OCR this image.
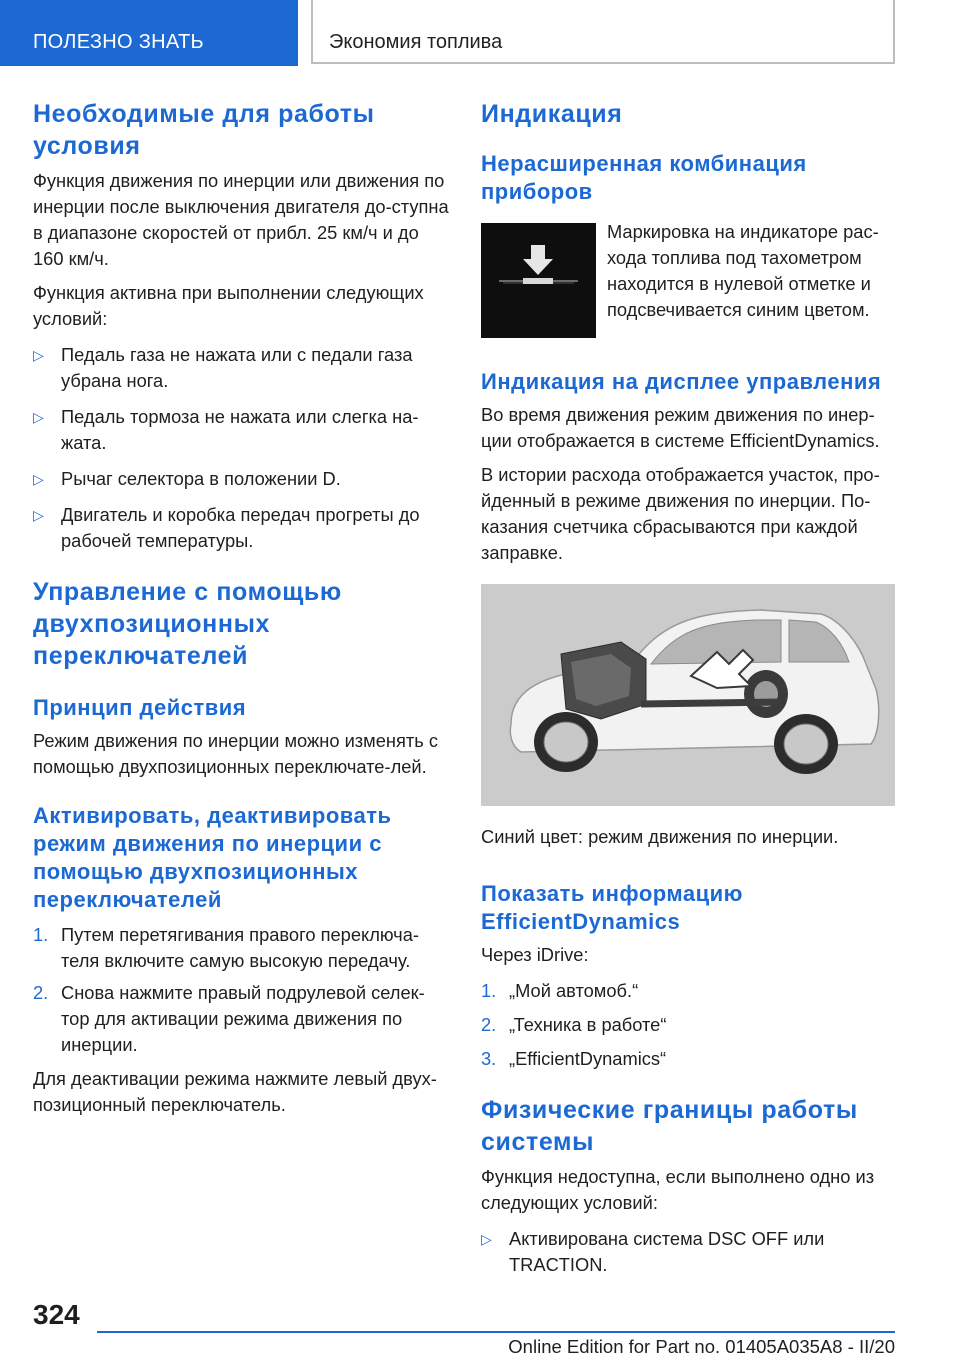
ПОЛЕЗНО ЗНАТЬ	Экономия топлива
Необходимые для работы условия

Функция движения по инерции или движения по инерции после выключения двигателя до-ступна в диапазоне скоростей от прибл. 25 км/ч и до 160 км/ч.

Функция активна при выполнении следующих условий:

▷ Педаль газа не нажата или с педали газа убрана нога.
▷ Педаль тормоза не нажата или слегка на-жата.
▷ Рычаг селектора в положении D.
▷ Двигатель и коробка передач прогреты до рабочей температуры.
Управление с помощью двухпозиционных переключателей
Принцип действия

Режим движения по инерции можно изменять с помощью двухпозиционных переключате-лей.

Активировать, деактивировать режим движения по инерции с помощью двухпозиционных переключателей
1. Путем перетягивания правого переключа-теля включите самую высокую передачу.
2. Снова нажмите правый подрулевой селек-тор для активации режима движения по инерции.

Для деактивации режима нажмите левый двух-позиционный переключатель.

Индикация
Нерасширенная комбинация приборов

Маркировка на индикаторе рас-хода топлива под тахометром находится в нулевой отметке и подсвечивается синим цветом.

Индикация на дисплее управления

Во время движения режим движения по инер-ции отображается в системе EfficientDynamics.

В истории расхода отображается участок, про-йденный в режиме движения по инерции. По-казания счетчика сбрасываются при каждой заправке.

Синий цвет: режим движения по инерции.

Показать информацию EfficientDynamics

Через iDrive:

1. „Мой автомоб.“
2. „Техника в работе“
3. „EfficientDynamics“
Физические границы работы системы

Функция недоступна, если выполнено одно из следующих условий:

▷ Активирована система DSC OFF или TRACTION.
324
Online Edition for Part no. 01405A035A8 - II/20
